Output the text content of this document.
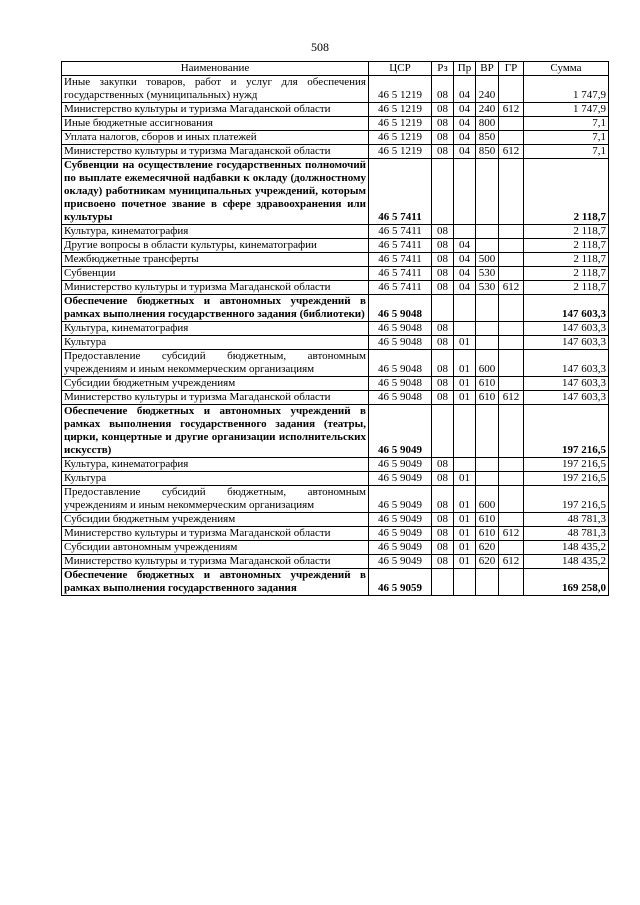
508
Наименование	ЦСР	Рз	Пр	ВР	ГР	Сумма
Иные закупки товаров, работ и услуг для обеспечения государственных (муниципальных) нужд	46 5 1219	08	04	240		1 747,9
Министерство культуры и туризма Магаданской области	46 5 1219	08	04	240	612	1 747,9
Иные бюджетные ассигнования	46 5 1219	08	04	800		7,1
Уплата налогов, сборов и иных платежей	46 5 1219	08	04	850		7,1
Министерство культуры и туризма Магаданской области	46 5 1219	08	04	850	612	7,1
Субвенции на осуществление государственных полномочий по выплате ежемесячной надбавки к окладу (должностному окладу) работникам муниципальных учреждений, которым присвоено почетное звание в сфере здравоохранения или культуры	46 5 7411					2 118,7
Культура, кинематография	46 5 7411	08				2 118,7
Другие вопросы в области культуры, кинематографии	46 5 7411	08	04			2 118,7
Межбюджетные трансферты	46 5 7411	08	04	500		2 118,7
Субвенции	46 5 7411	08	04	530		2 118,7
Министерство культуры и туризма Магаданской области	46 5 7411	08	04	530	612	2 118,7
Обеспечение бюджетных и автономных учреждений в рамках выполнения государственного задания (библиотеки)	46 5 9048					147 603,3
Культура, кинематография	46 5 9048	08				147 603,3
Культура	46 5 9048	08	01			147 603,3
Предоставление субсидий бюджетным, автономным учреждениям и иным некоммерческим организациям	46 5 9048	08	01	600		147 603,3
Субсидии бюджетным учреждениям	46 5 9048	08	01	610		147 603,3
Министерство культуры и туризма Магаданской области	46 5 9048	08	01	610	612	147 603,3
Обеспечение бюджетных и автономных учреждений в рамках выполнения государственного задания (театры, цирки, концертные и другие организации исполнительских искусств)	46 5 9049					197 216,5
Культура, кинематография	46 5 9049	08				197 216,5
Культура	46 5 9049	08	01			197 216,5
Предоставление субсидий бюджетным, автономным учреждениям и иным некоммерческим организациям	46 5 9049	08	01	600		197 216,5
Субсидии бюджетным учреждениям	46 5 9049	08	01	610		48 781,3
Министерство культуры и туризма Магаданской области	46 5 9049	08	01	610	612	48 781,3
Субсидии автономным учреждениям	46 5 9049	08	01	620		148 435,2
Министерство культуры и туризма Магаданской области	46 5 9049	08	01	620	612	148 435,2
Обеспечение бюджетных и автономных учреждений в рамках выполнения государственного задания	46 5 9059					169 258,0
